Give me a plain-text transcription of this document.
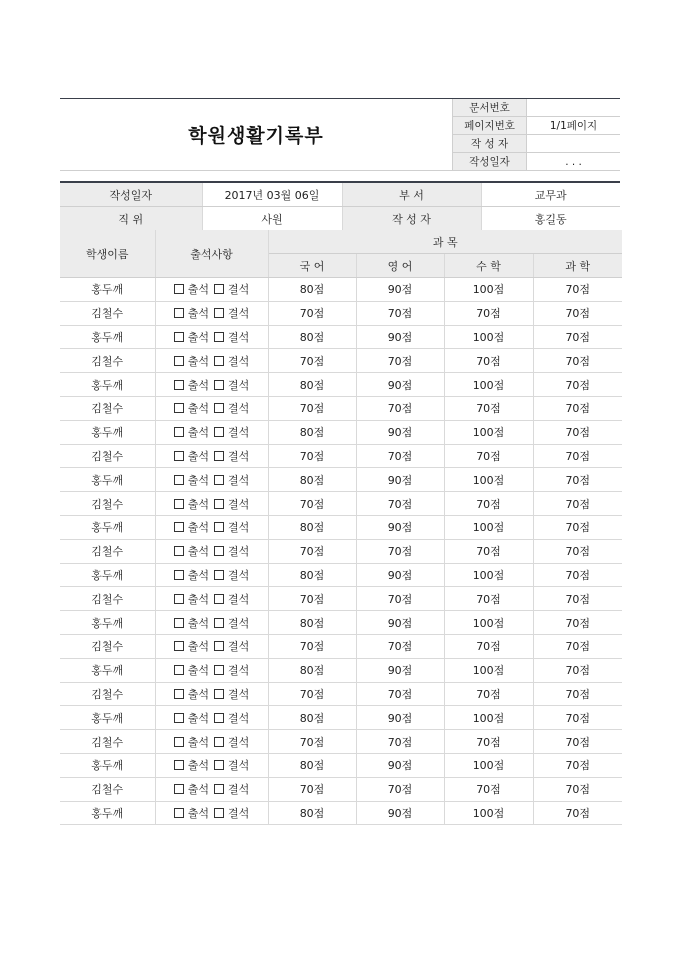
학원생활기록부
문서번호	
페이지번호	1/1페이지
작 성 자	
작성일자	. . .
작성일자	2017년 03월 06일	부 서	교무과
직 위	사원	작 성 자	홍길동
학생이름	출석사항	과 목			
		국 어	영 어	수 학	과 학
홍두깨	출석 결석	80점	90점	100점	70점
김철수	출석 결석	70점	70점	70점	70점
홍두깨	출석 결석	80점	90점	100점	70점
김철수	출석 결석	70점	70점	70점	70점
홍두깨	출석 결석	80점	90점	100점	70점
김철수	출석 결석	70점	70점	70점	70점
홍두깨	출석 결석	80점	90점	100점	70점
김철수	출석 결석	70점	70점	70점	70점
홍두깨	출석 결석	80점	90점	100점	70점
김철수	출석 결석	70점	70점	70점	70점
홍두깨	출석 결석	80점	90점	100점	70점
김철수	출석 결석	70점	70점	70점	70점
홍두깨	출석 결석	80점	90점	100점	70점
김철수	출석 결석	70점	70점	70점	70점
홍두깨	출석 결석	80점	90점	100점	70점
김철수	출석 결석	70점	70점	70점	70점
홍두깨	출석 결석	80점	90점	100점	70점
김철수	출석 결석	70점	70점	70점	70점
홍두깨	출석 결석	80점	90점	100점	70점
김철수	출석 결석	70점	70점	70점	70점
홍두깨	출석 결석	80점	90점	100점	70점
김철수	출석 결석	70점	70점	70점	70점
홍두깨	출석 결석	80점	90점	100점	70점
